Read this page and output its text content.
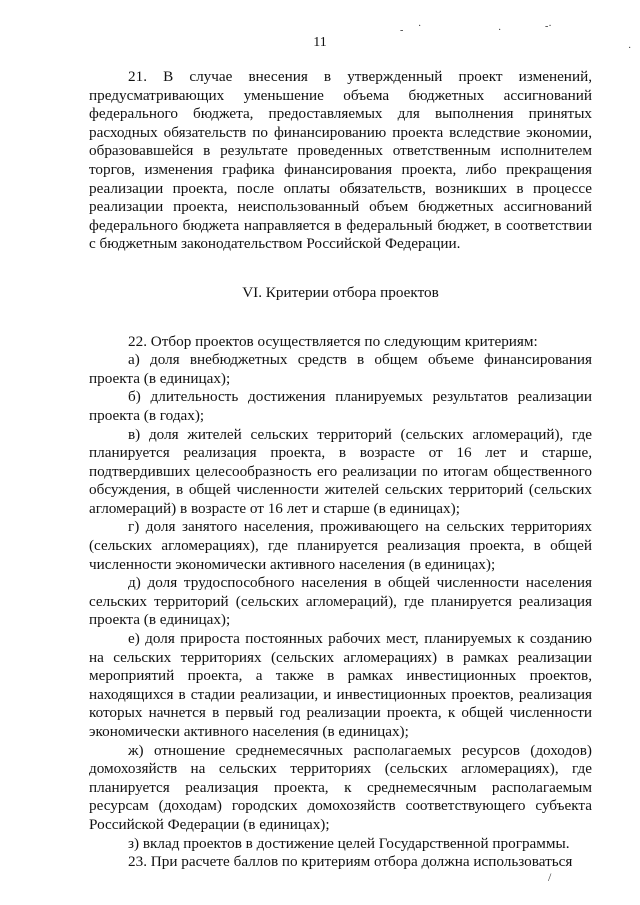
‐ ·	·	‐·
·
11

21. В случае внесения в утвержденный проект изменений, предусматривающих уменьшение объема бюджетных ассигнований федерального бюджета, предоставляемых для выполнения принятых расходных обязательств по финансированию проекта вследствие экономии, образовавшейся в результате проведенных ответственным исполнителем торгов, изменения графика финансирования проекта, либо прекращения реализации проекта, после оплаты обязательств, возникших в процессе реализации проекта, неиспользованный объем бюджетных ассигнований федерального бюджета направляется в федеральный бюджет, в соответствии с бюджетным законодательством Российской Федерации.

VI. Критерии отбора проектов

22. Отбор проектов осуществляется по следующим критериям:

а) доля внебюджетных средств в общем объеме финансирования проекта (в единицах);

б) длительность достижения планируемых результатов реализации проекта (в годах);

в) доля жителей сельских территорий (сельских агломераций), где планируется реализация проекта, в возрасте от 16 лет и старше, подтвердивших целесообразность его реализации по итогам общественного обсуждения, в общей численности жителей сельских территорий (сельских агломераций) в возрасте от 16 лет и старше (в единицах);

г) доля занятого населения, проживающего на сельских территориях (сельских агломерациях), где планируется реализация проекта, в общей численности экономически активного населения (в единицах);

д) доля трудоспособного населения в общей численности населения сельских территорий (сельских агломераций), где планируется реализация проекта (в единицах);

е) доля прироста постоянных рабочих мест, планируемых к созданию на сельских территориях (сельских агломерациях) в рамках реализации мероприятий проекта, а также в рамках инвестиционных проектов, находящихся в стадии реализации, и инвестиционных проектов, реализация которых начнется в первый год реализации проекта, к общей численности экономически активного населения (в единицах);

ж) отношение среднемесячных располагаемых ресурсов (доходов) домохозяйств на сельских территориях (сельских агломерациях), где планируется реализация проекта, к среднемесячным располагаемым ресурсам (доходам) городских домохозяйств соответствующего субъекта Российской Федерации (в единицах);

з) вклад проектов в достижение целей Государственной программы.

23. При расчете баллов по критериям отбора должна использоваться

/
